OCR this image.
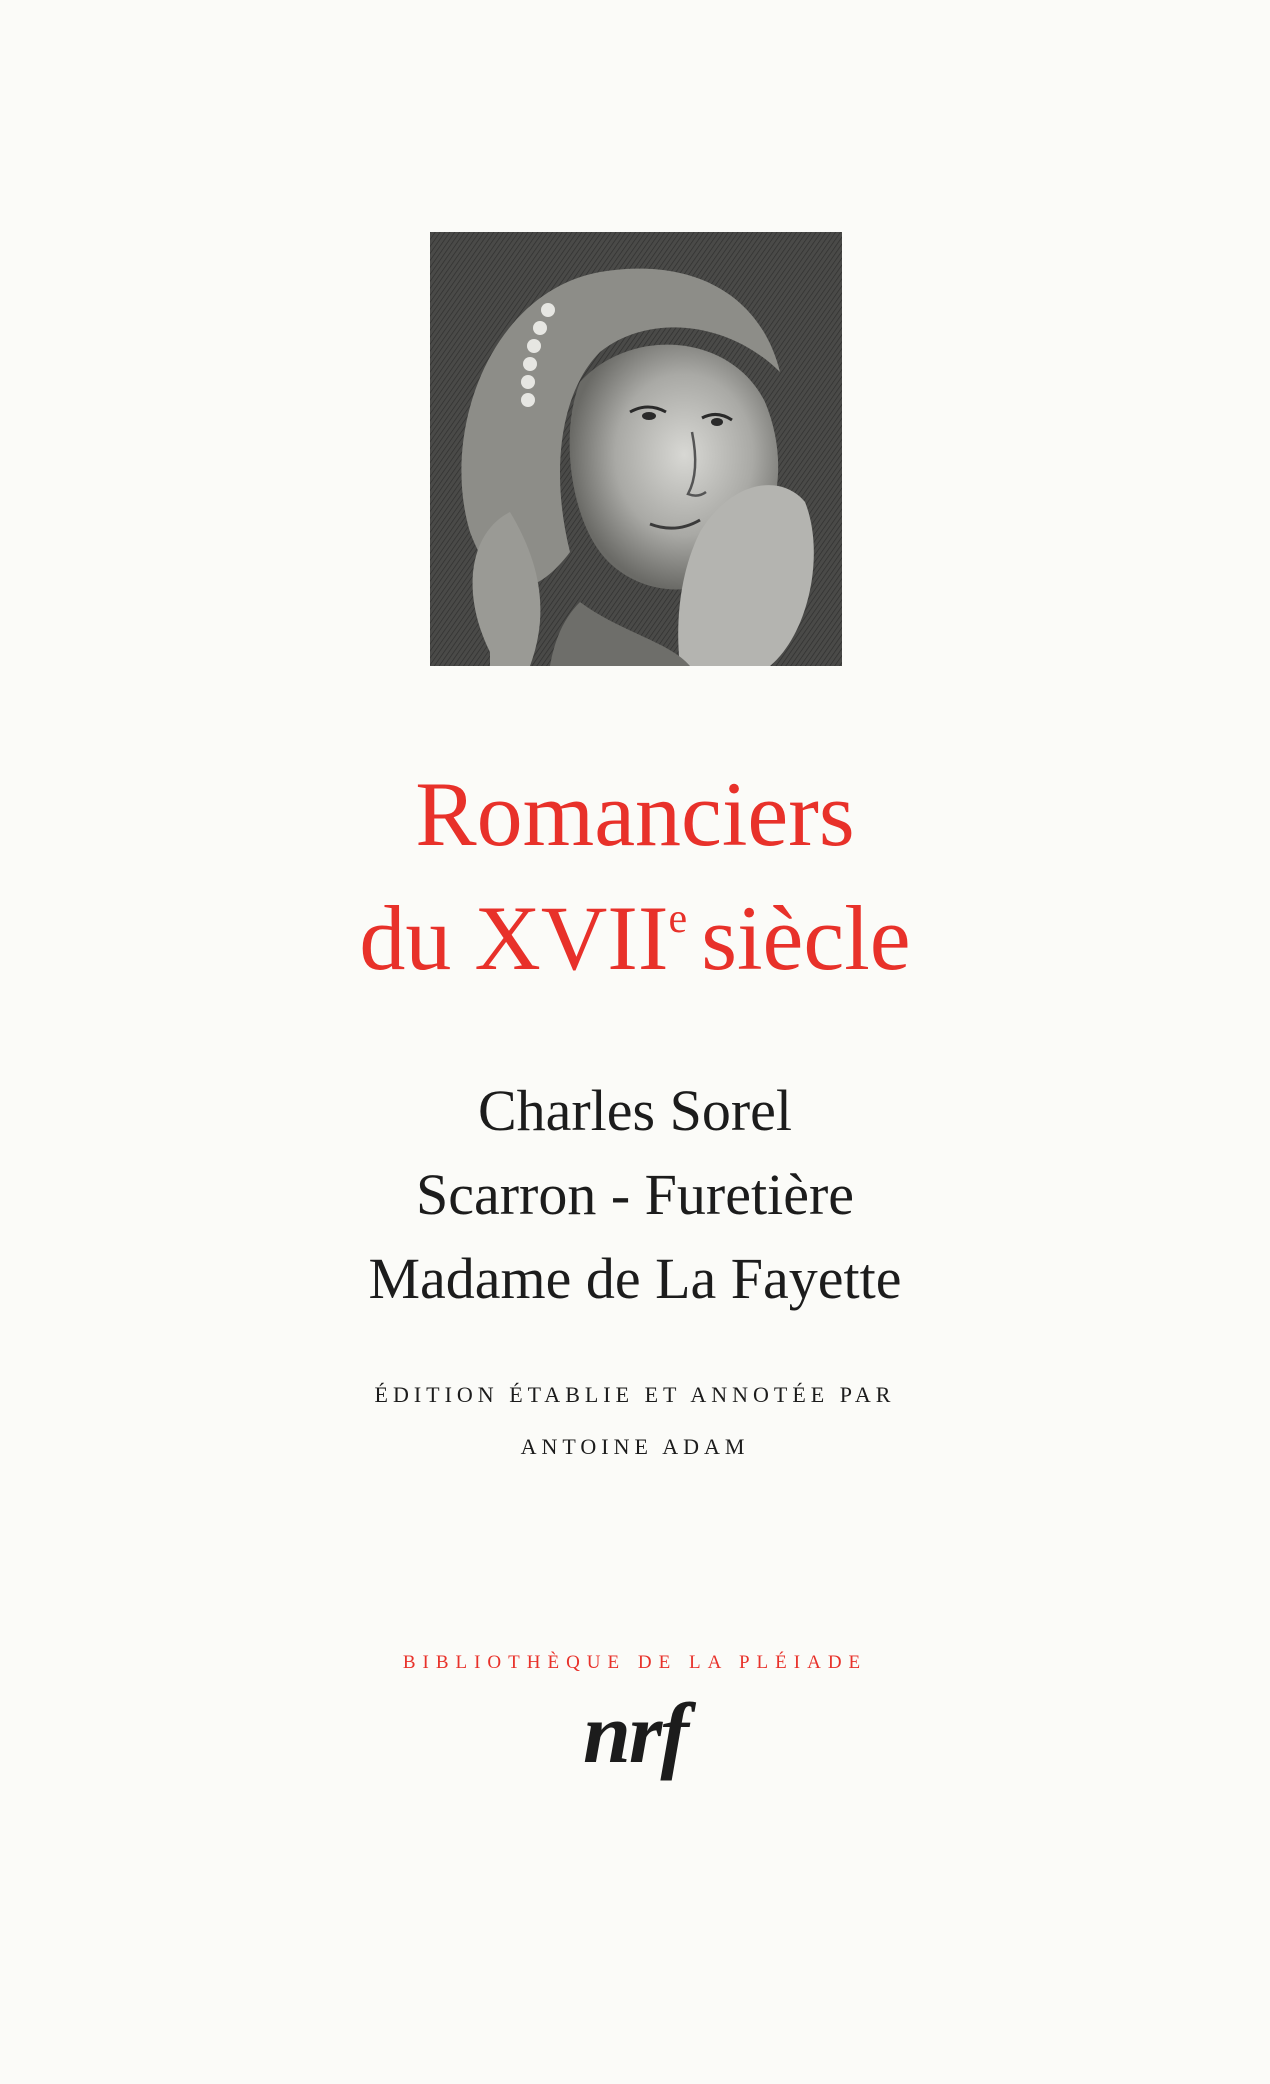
Romanciers
du XVIIe siècle
Charles Sorel
Scarron - Furetière
Madame de La Fayette
ÉDITION ÉTABLIE ET ANNOTÉE PAR
ANTOINE ADAM
BIBLIOTHÈQUE DE LA PLÉIADE
nrf
